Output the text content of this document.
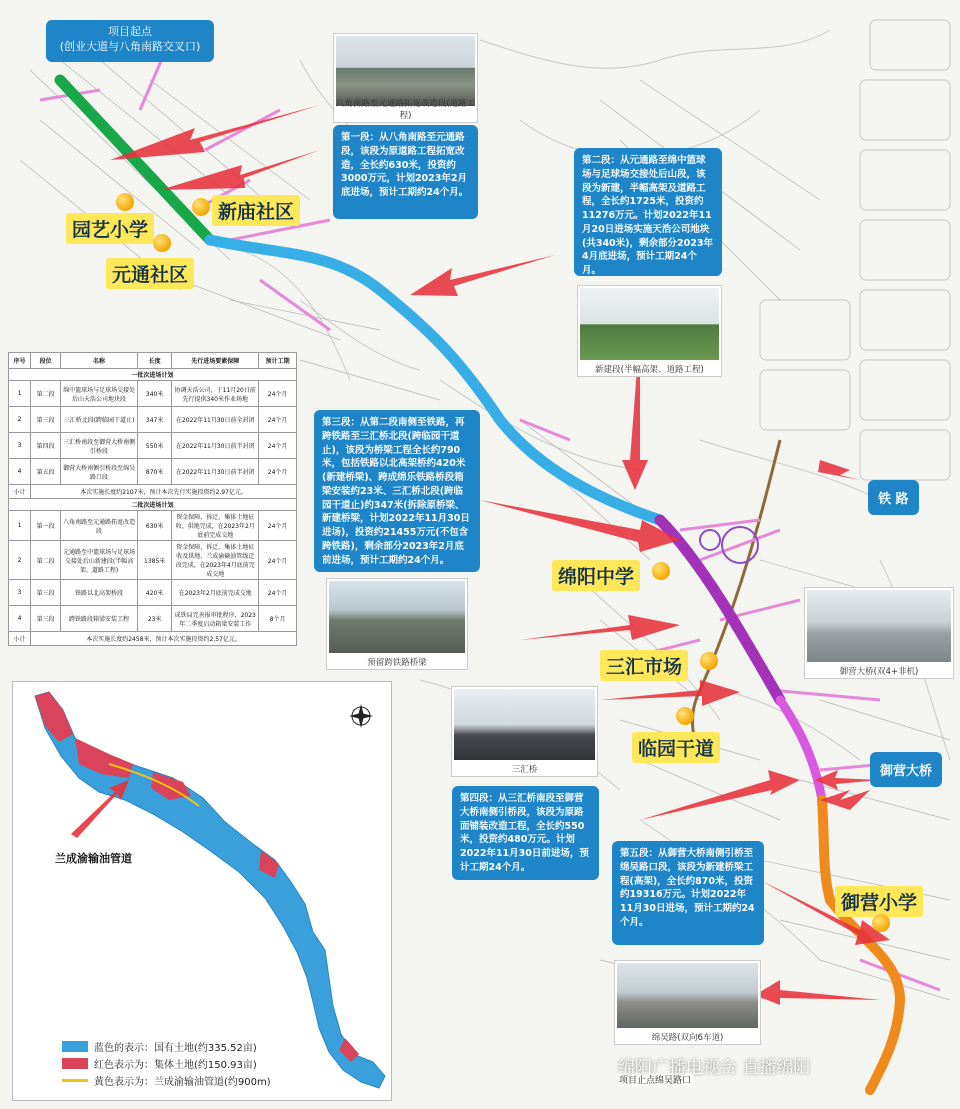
项目起点
(创业大道与八角南路交叉口)
八角南路至元通路拓宽改造段(道路工程)
新建段(半幅高架、道路工程)
预留跨铁路桥梁
御营大桥(双4+非机)
三汇桥
绵吴路(双向6车道)
第一段：从八角南路至元通路段，该段为原道路工程拓宽改造，全长约630米，投资约3000万元，计划2023年2月底进场，预计工期约24个月。
第二段：从元通路至绵中篮球场与足球场交接处后山段，该段为新建，半幅高架及道路工程，全长约1725米，投资约11276万元。计划2022年11月20日进场实施天浩公司地块(共340米)，剩余部分2023年4月底进场，预计工期24个月。
第三段：从第二段南侧至铁路，再跨铁路至三汇桥北段(跨临园干道止)，该段为桥梁工程全长约790米，包括铁路以北高架桥约420米(新建桥梁)、跨成绵乐铁路桥段箱梁安装约23米、三汇桥北段(跨临园干道止)约347米(拆除原桥梁、新建桥梁，计划2022年11月30日进场)，投资约21455万元(不包含跨铁路)，剩余部分2023年2月底前进场，预计工期约24个月。
第四段：从三汇桥南段至御营大桥南侧引桥段，该段为原路面铺装改造工程，全长约550米，投资约480万元。计划2022年11月30日前进场，预计工期24个月。
第五段：从御营大桥南侧引桥至绵吴路口段，该段为新建桥梁工程(高架)，全长约870米，投资约19316万元。计划2022年11月30日进场，预计工期约24个月。
园艺小学
新庙社区
元通社区
绵阳中学
三汇市场
临园干道
御营小学
铁 路
御营大桥
项目止点绵吴路口
序号	段位	名称	长度	先行进场要素保障	预计工期
一批次进场计划					
1	第二段	绵中篮球场与足球场交接处后山天浩公司地块段	340米	协调天浩公司，于11月20日前先行提供340米作业场地	24个月
2	第三段	三汇桥北段(跨临园干道止)	347米	在2022年11月30日前全封闭	24个月
3	第四段	三汇桥南段至御营大桥南侧引桥段	550米	在2022年11月30日前半封闭	24个月
4	第五段	御营大桥南侧引桥段至绵吴路口段	870米	在2022年11月30日前半封闭	24个月
小计	本次实施长度约2107米，预计本次先行实施投资约2.97亿元。				
二批次进场计划					
1	第一段	八角南路至元通路拓宽改造段	630米	资金保障，拆迁、集体土地征收、供地完成，在2023年2月底前完成交地	24个月
2	第二段	元通路至中篮球场与足球场交接处后山新建段(半幅高架、道路工程)	1385米	资金保障，拆迁、集体土地征收及供地、兰成渝输油管线迁改完成，在2023年4月底前完成交地	24个月
3	第三段	铁路以北高架桥段	420米	在2023年2月底前完成交地	24个月
4	第三段	跨铁路段箱梁安装工程	23米	成铁局完善报审批程序，2023年二季度启动箱梁安装工作	8个月
小计	本次实施长度约2458米，预计本次实施投资约2.57亿元。				
兰成渝输油管道
蓝色的表示：国有土地(约335.52亩)
红色表示为：集体土地(约150.93亩)
黄色表示为：兰成渝输油管道(约900m)
绵阳广播电视台 直播绵阳
